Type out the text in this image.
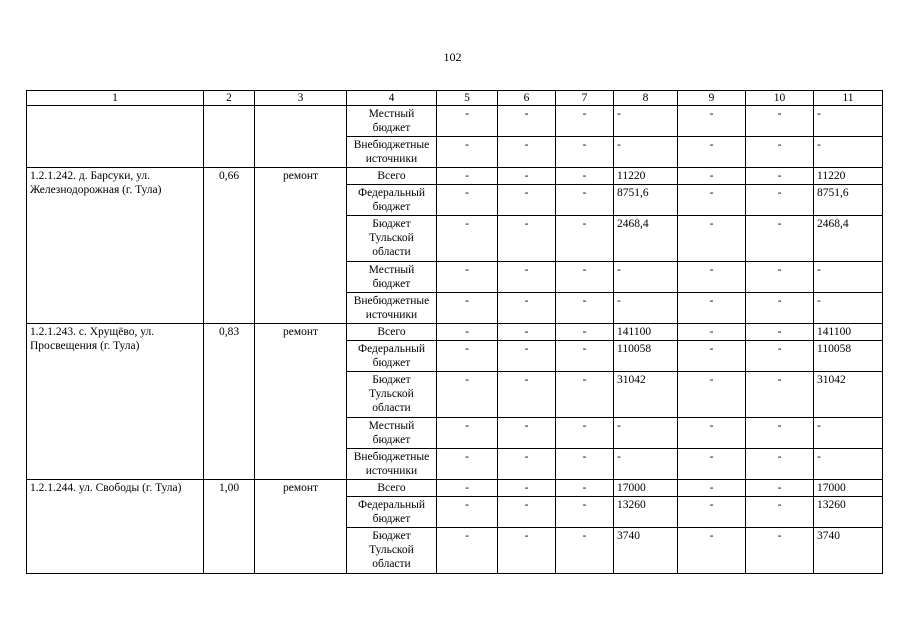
102
1	2	3	4	5	6	7	8	9	10	11
			Местный бюджет	-	-	-	-	-	-	-
			Внебюджетные источники	-	-	-	-	-	-	-
1.2.1.242. д. Барсуки, ул. Железнодорожная (г. Тула)	0,66	ремонт	Всего	-	-	-	11220	-	-	11220
			Федеральный бюджет	-	-	-	8751,6	-	-	8751,6
			Бюджет Тульской области	-	-	-	2468,4	-	-	2468,4
			Местный бюджет	-	-	-	-	-	-	-
			Внебюджетные источники	-	-	-	-	-	-	-
1.2.1.243. с. Хрущёво, ул. Просвещения (г. Тула)	0,83	ремонт	Всего	-	-	-	141100	-	-	141100
			Федеральный бюджет	-	-	-	110058	-	-	110058
			Бюджет Тульской области	-	-	-	31042	-	-	31042
			Местный бюджет	-	-	-	-	-	-	-
			Внебюджетные источники	-	-	-	-	-	-	-
1.2.1.244. ул. Свободы (г. Тула)	1,00	ремонт	Всего	-	-	-	17000	-	-	17000
			Федеральный бюджет	-	-	-	13260	-	-	13260
			Бюджет Тульской области	-	-	-	3740	-	-	3740
